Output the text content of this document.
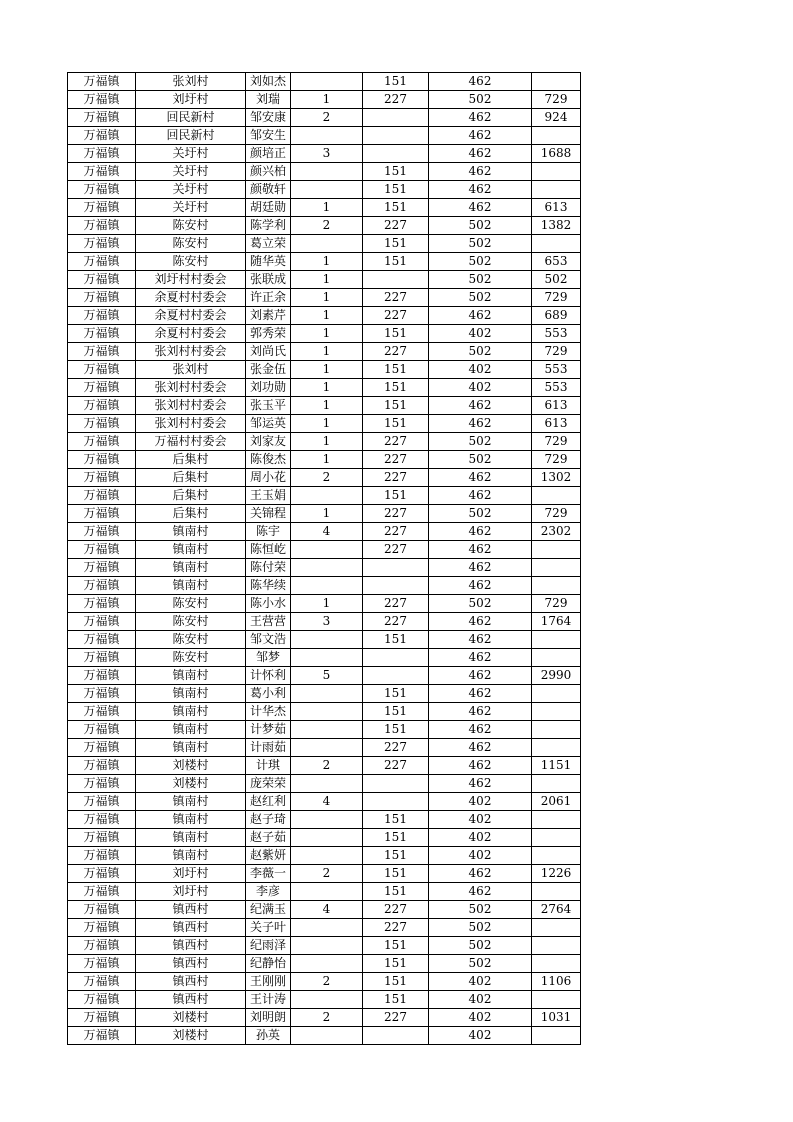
万福镇	张刘村	刘如杰		151	462	
万福镇	刘圩村	刘瑞	1	227	502	729
万福镇	回民新村	邹安康	2		462	924
万福镇	回民新村	邹安生			462	
万福镇	关圩村	颜培正	3		462	1688
万福镇	关圩村	颜兴柏		151	462	
万福镇	关圩村	颜敬轩		151	462	
万福镇	关圩村	胡廷勋	1	151	462	613
万福镇	陈安村	陈学利	2	227	502	1382
万福镇	陈安村	葛立荣		151	502	
万福镇	陈安村	随华英	1	151	502	653
万福镇	刘圩村村委会	张联成	1		502	502
万福镇	余夏村村委会	许正余	1	227	502	729
万福镇	余夏村村委会	刘素芹	1	227	462	689
万福镇	余夏村村委会	郭秀荣	1	151	402	553
万福镇	张刘村村委会	刘尚氏	1	227	502	729
万福镇	张刘村	张金伍	1	151	402	553
万福镇	张刘村村委会	刘功勋	1	151	402	553
万福镇	张刘村村委会	张玉平	1	151	462	613
万福镇	张刘村村委会	邹运英	1	151	462	613
万福镇	万福村村委会	刘家友	1	227	502	729
万福镇	后集村	陈俊杰	1	227	502	729
万福镇	后集村	周小花	2	227	462	1302
万福镇	后集村	王玉娟		151	462	
万福镇	后集村	关锦程	1	227	502	729
万福镇	镇南村	陈宇	4	227	462	2302
万福镇	镇南村	陈恒屹		227	462	
万福镇	镇南村	陈付荣			462	
万福镇	镇南村	陈华续			462	
万福镇	陈安村	陈小水	1	227	502	729
万福镇	陈安村	王营营	3	227	462	1764
万福镇	陈安村	邹文浩		151	462	
万福镇	陈安村	邹梦			462	
万福镇	镇南村	计怀利	5		462	2990
万福镇	镇南村	葛小利		151	462	
万福镇	镇南村	计华杰		151	462	
万福镇	镇南村	计梦茹		151	462	
万福镇	镇南村	计雨茹		227	462	
万福镇	刘楼村	计琪	2	227	462	1151
万福镇	刘楼村	庞荣荣			462	
万福镇	镇南村	赵红利	4		402	2061
万福镇	镇南村	赵子琦		151	402	
万福镇	镇南村	赵子茹		151	402	
万福镇	镇南村	赵紫妍		151	402	
万福镇	刘圩村	李薇一	2	151	462	1226
万福镇	刘圩村	李彦		151	462	
万福镇	镇西村	纪满玉	4	227	502	2764
万福镇	镇西村	关子叶		227	502	
万福镇	镇西村	纪雨泽		151	502	
万福镇	镇西村	纪静怡		151	502	
万福镇	镇西村	王刚刚	2	151	402	1106
万福镇	镇西村	王计涛		151	402	
万福镇	刘楼村	刘明朗	2	227	402	1031
万福镇	刘楼村	孙英			402	
